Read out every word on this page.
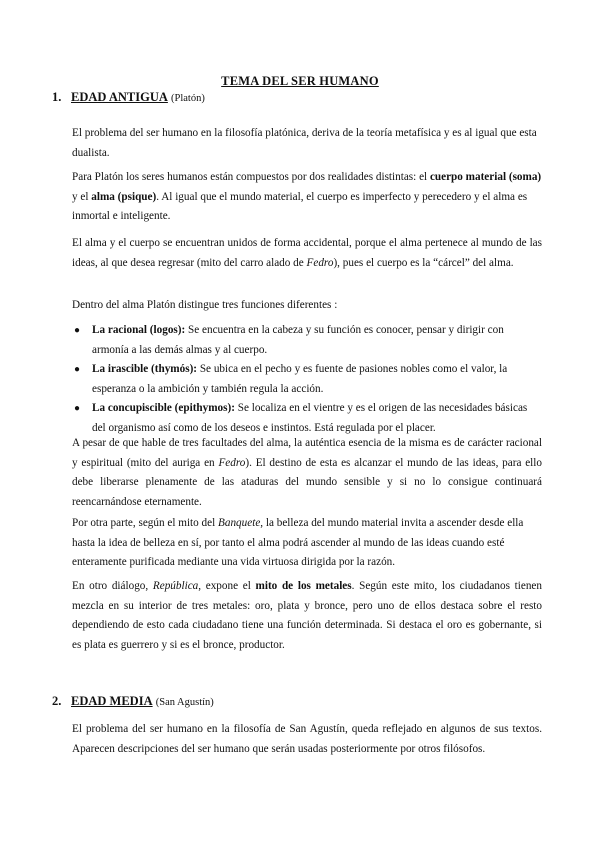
TEMA DEL SER HUMANO
1. EDAD ANTIGUA (Platón)
El problema del ser humano en la filosofía platónica, deriva de la teoría metafísica y es al igual que esta dualista.
Para Platón los seres humanos están compuestos por dos realidades distintas: el cuerpo material (soma) y el alma (psique). Al igual que el mundo material, el cuerpo es imperfecto y perecedero y el alma es inmortal e inteligente.
El alma y el cuerpo se encuentran unidos de forma accidental, porque el alma pertenece al mundo de las ideas, al que desea regresar (mito del carro alado de Fedro), pues el cuerpo es la “cárcel” del alma.
Dentro del alma Platón distingue tres funciones diferentes :
● La racional (logos): Se encuentra en la cabeza y su función es conocer, pensar y dirigir con armonía a las demás almas y al cuerpo.
● La irascible (thymós): Se ubica en el pecho y es fuente de pasiones nobles como el valor, la esperanza o la ambición y también regula la acción.
● La concupiscible (epithymos): Se localiza en el vientre y es el origen de las necesidades básicas del organismo así como de los deseos e instintos. Está regulada por el placer.
A pesar de que hable de tres facultades del alma, la auténtica esencia de la misma es de carácter racional y espiritual (mito del auriga en Fedro). El destino de esta es alcanzar el mundo de las ideas, para ello debe liberarse plenamente de las ataduras del mundo sensible y si no lo consigue continuará reencarnándose eternamente.
Por otra parte, según el mito del Banquete, la belleza del mundo material invita a ascender desde ella hasta la idea de belleza en sí, por tanto el alma podrá ascender al mundo de las ideas cuando esté enteramente purificada mediante una vida virtuosa dirigida por la razón.
En otro diálogo, República, expone el mito de los metales. Según este mito, los ciudadanos tienen mezcla en su interior de tres metales: oro, plata y bronce, pero uno de ellos destaca sobre el resto dependiendo de esto cada ciudadano tiene una función determinada. Si destaca el oro es gobernante, si es plata es guerrero y si es el bronce, productor.
2. EDAD MEDIA (San Agustín)
El problema del ser humano en la filosofía de San Agustín, queda reflejado en algunos de sus textos. Aparecen descripciones del ser humano que serán usadas posteriormente por otros filósofos.
